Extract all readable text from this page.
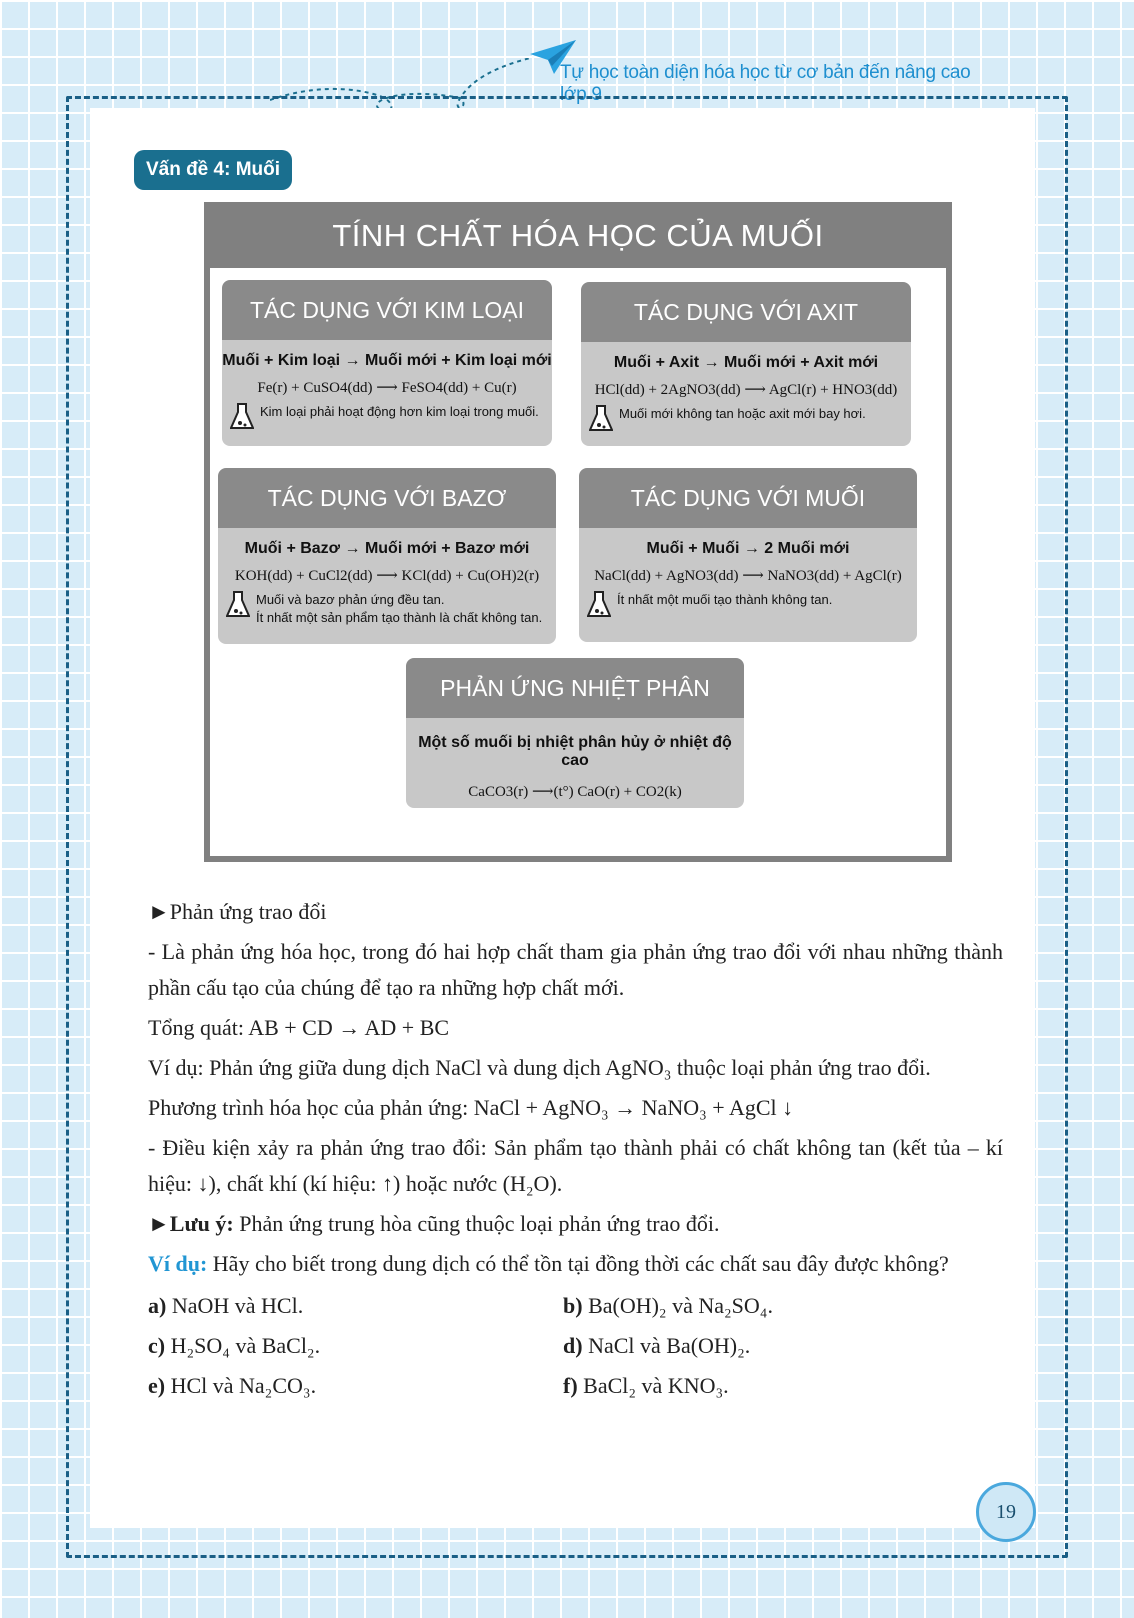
Tự học toàn diện hóa học từ cơ bản đến nâng cao lớp 9
Vấn đề 4: Muối
TÍNH CHẤT HÓA HỌC CỦA MUỐI
TÁC DỤNG VỚI KIM LOẠI
Muối + Kim loại → Muối mới + Kim loại mới
Fe(r) + CuSO4(dd) ⟶ FeSO4(dd) + Cu(r)
Kim loại phải hoạt động hơn kim loại trong muối.
TÁC DỤNG VỚI AXIT
Muối + Axit → Muối mới + Axit mới
HCl(dd) + 2AgNO3(dd) ⟶ AgCl(r) + HNO3(dd)
Muối mới không tan hoặc axit mới bay hơi.
TÁC DỤNG VỚI BAZƠ
Muối + Bazơ → Muối mới + Bazơ mới
KOH(dd) + CuCl2(dd) ⟶ KCl(dd) + Cu(OH)2(r)
Muối và bazơ phản ứng đều tan.
Ít nhất một sản phẩm tạo thành là chất không tan.
TÁC DỤNG VỚI MUỐI
Muối + Muối → 2 Muối mới
NaCl(dd) + AgNO3(dd) ⟶ NaNO3(dd) + AgCl(r)
Ít nhất một muối tạo thành không tan.
PHẢN ỨNG NHIỆT PHÂN
Một số muối bị nhiệt phân hủy ở nhiệt độ cao
CaCO3(r) ⟶(t°) CaO(r) + CO2(k)

►Phản ứng trao đổi

- Là phản ứng hóa học, trong đó hai hợp chất tham gia phản ứng trao đổi với nhau những thành phần cấu tạo của chúng để tạo ra những hợp chất mới.

Tổng quát: AB + CD → AD + BC

Ví dụ: Phản ứng giữa dung dịch NaCl và dung dịch AgNO₃ thuộc loại phản ứng trao đổi.

Phương trình hóa học của phản ứng: NaCl + AgNO₃ → NaNO₃ + AgCl ↓

- Điều kiện xảy ra phản ứng trao đổi: Sản phẩm tạo thành phải có chất không tan (kết tủa – kí hiệu: ↓), chất khí (kí hiệu: ↑) hoặc nước (H₂O).

►Lưu ý: Phản ứng trung hòa cũng thuộc loại phản ứng trao đổi.

Ví dụ: Hãy cho biết trong dung dịch có thể tồn tại đồng thời các chất sau đây được không?

a) NaOH và HCl.	b) Ba(OH)₂ và Na₂SO₄.
c) H₂SO₄ và BaCl₂.	d) NaCl và Ba(OH)₂.
e) HCl và Na₂CO₃.	f) BaCl₂ và KNO₃.
19
